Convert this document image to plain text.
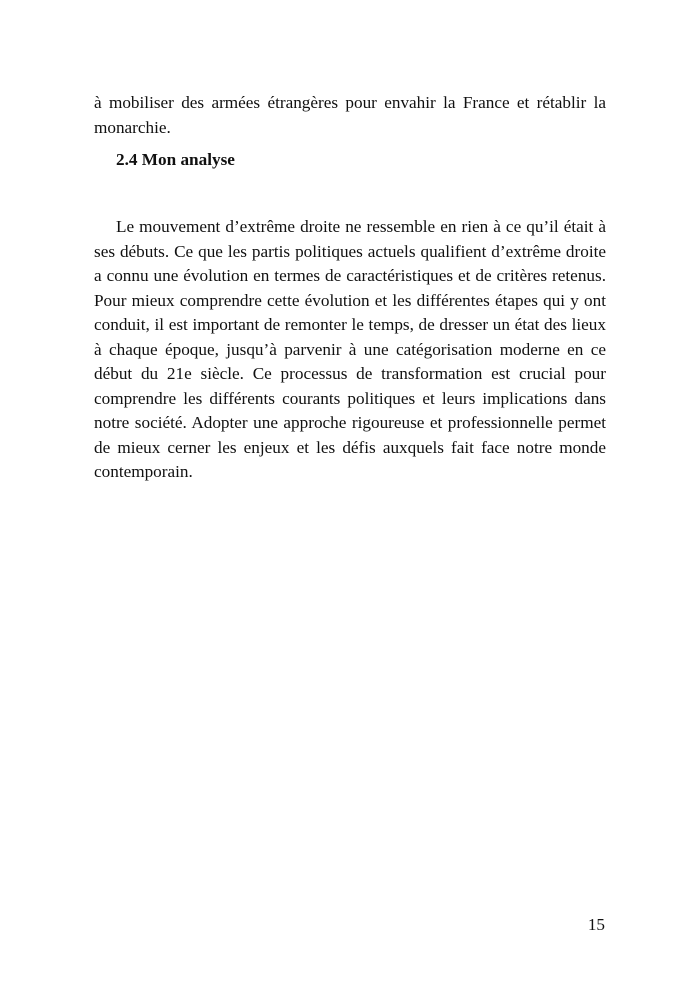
à mobiliser des armées étrangères pour envahir la France et rétablir la monarchie.

2.4 Mon analyse

Le mouvement d’extrême droite ne ressemble en rien à ce qu’il était à ses débuts. Ce que les partis politiques actuels qualifient d’extrême droite a connu une évolution en termes de caractéristiques et de critères retenus. Pour mieux comprendre cette évolution et les différentes étapes qui y ont conduit, il est important de remonter le temps, de dresser un état des lieux à chaque époque, jusqu’à parvenir à une catégorisation moderne en ce début du 21e siècle. Ce processus de transformation est crucial pour comprendre les différents courants politiques et leurs implications dans notre société. Adopter une approche rigoureuse et professionnelle permet de mieux cerner les enjeux et les défis auxquels fait face notre monde contemporain.

15
